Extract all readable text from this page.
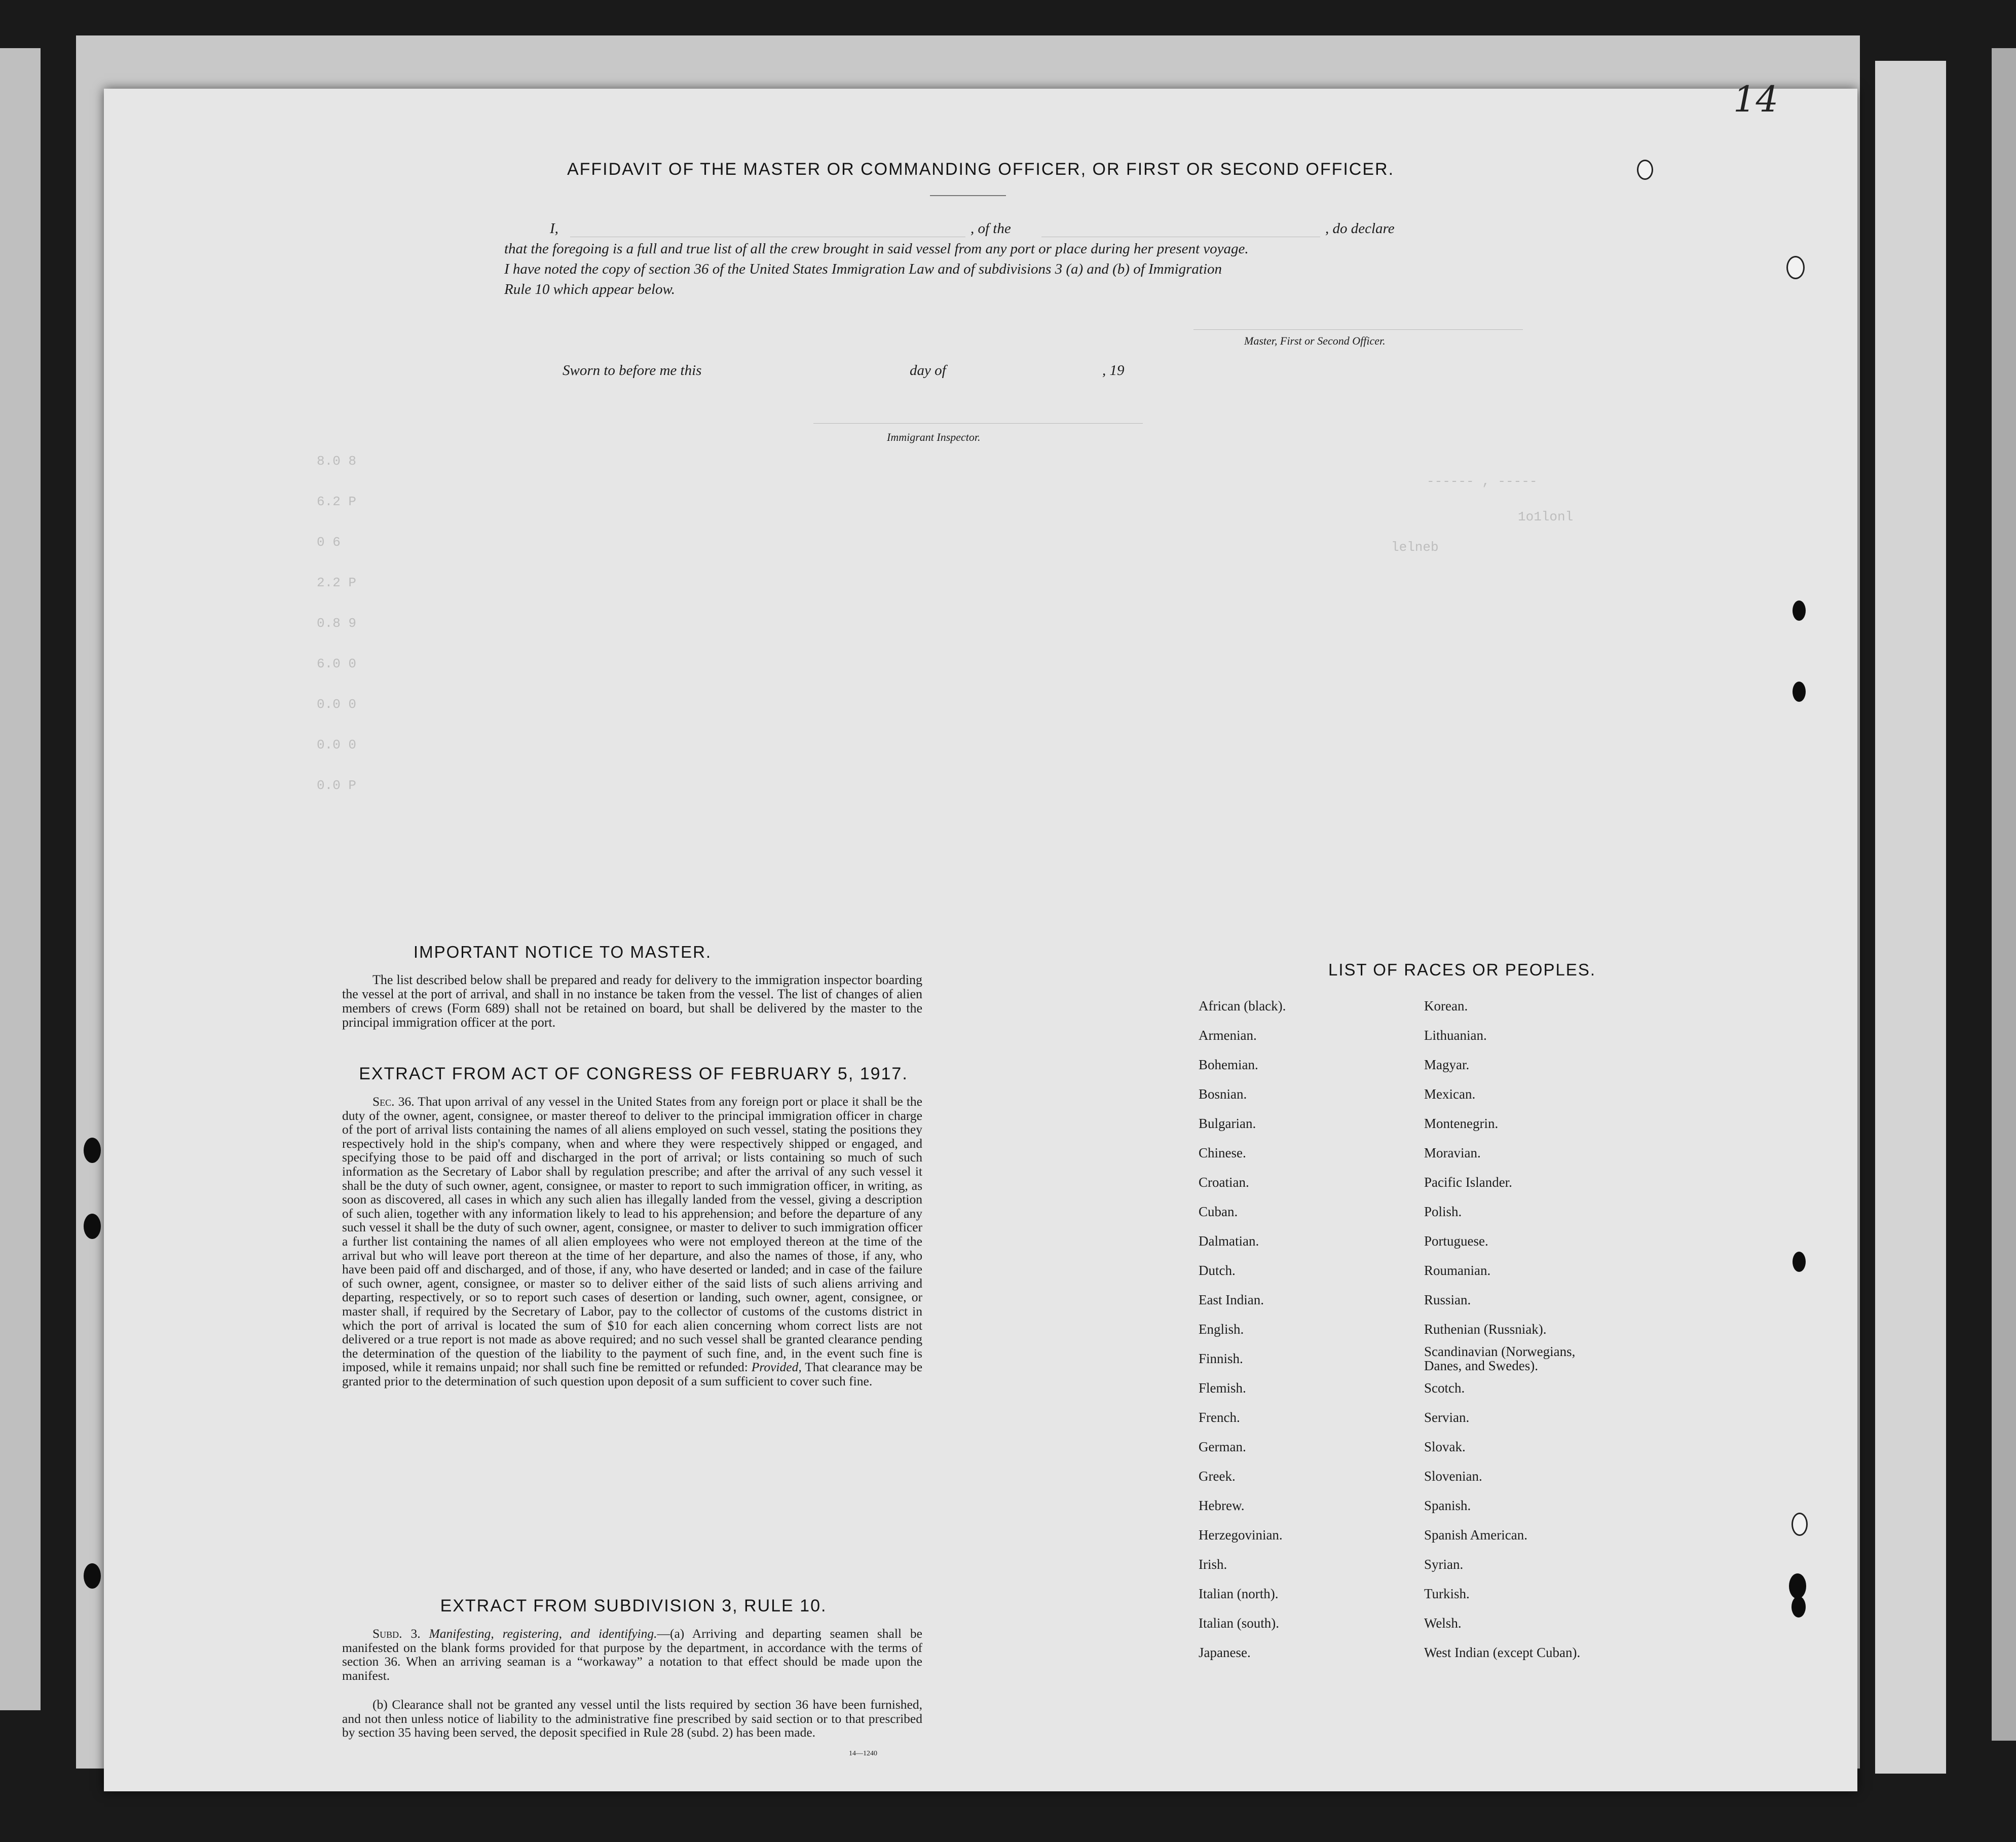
14
8.0 8
6.2 P
0 6
2.2 P
0.8 9
6.0 0
0.0 0
0.0 0
0.0 P
------ , -----
1o1lonl
lelneb
AFFIDAVIT OF THE MASTER OR COMMANDING OFFICER, OR FIRST OR SECOND OFFICER.
I,	, of the	, do declare
that the foregoing is a full and true list of all the crew brought in said vessel from any port or place during her present voyage.
I have noted the copy of section 36 of the United States Immigration Law and of subdivisions 3 (a) and (b) of Immigration
Rule 10 which appear below.
Master, First or Second Officer.
Sworn to before me this	day of	, 19
Immigrant Inspector.
IMPORTANT NOTICE TO MASTER.
The list described below shall be prepared and ready for delivery to the immigration inspector boarding the vessel at the port of arrival, and shall in no instance be taken from the vessel. The list of changes of alien members of crews (Form 689) shall not be retained on board, but shall be delivered by the master to the principal immigration officer at the port.
EXTRACT FROM ACT OF CONGRESS OF FEBRUARY 5, 1917.
Sec. 36. That upon arrival of any vessel in the United States from any foreign port or place it shall be the duty of the owner, agent, consignee, or master thereof to deliver to the principal immigration officer in charge of the port of arrival lists containing the names of all aliens employed on such vessel, stating the positions they respectively hold in the ship's company, when and where they were respectively shipped or engaged, and specifying those to be paid off and discharged in the port of arrival; or lists containing so much of such information as the Secretary of Labor shall by regulation prescribe; and after the arrival of any such vessel it shall be the duty of such owner, agent, consignee, or master to report to such immigration officer, in writing, as soon as discovered, all cases in which any such alien has illegally landed from the vessel, giving a description of such alien, together with any information likely to lead to his apprehension; and before the departure of any such vessel it shall be the duty of such owner, agent, consignee, or master to deliver to such immigration officer a further list containing the names of all alien employees who were not employed thereon at the time of the arrival but who will leave port thereon at the time of her departure, and also the names of those, if any, who have been paid off and discharged, and of those, if any, who have deserted or landed; and in case of the failure of such owner, agent, consignee, or master so to deliver either of the said lists of such aliens arriving and departing, respectively, or so to report such cases of desertion or landing, such owner, agent, consignee, or master shall, if required by the Secretary of Labor, pay to the collector of customs of the customs district in which the port of arrival is located the sum of $10 for each alien concerning whom correct lists are not delivered or a true report is not made as above required; and no such vessel shall be granted clearance pending the determination of the question of the liability to the payment of such fine, and, in the event such fine is imposed, while it remains unpaid; nor shall such fine be remitted or refunded: Provided, That clearance may be granted prior to the determination of such question upon deposit of a sum sufficient to cover such fine.
EXTRACT FROM SUBDIVISION 3, RULE 10.
Subd. 3. Manifesting, registering, and identifying.—(a) Arriving and departing seamen shall be manifested on the blank forms provided for that purpose by the department, in accordance with the terms of section 36. When an arriving seaman is a “workaway” a notation to that effect should be made upon the manifest.
(b) Clearance shall not be granted any vessel until the lists required by section 36 have been furnished, and not then unless notice of liability to the administrative fine prescribed by said section or to that prescribed by section 35 having been served, the deposit specified in Rule 28 (subd. 2) has been made.
14—1240
LIST OF RACES OR PEOPLES.
African (black).
Armenian.
Bohemian.
Bosnian.
Bulgarian.
Chinese.
Croatian.
Cuban.
Dalmatian.
Dutch.
East Indian.
English.
Finnish.
Flemish.
French.
German.
Greek.
Hebrew.
Herzegovinian.
Irish.
Italian (north).
Italian (south).
Japanese.
Korean.
Lithuanian.
Magyar.
Mexican.
Montenegrin.
Moravian.
Pacific Islander.
Polish.
Portuguese.
Roumanian.
Russian.
Ruthenian (Russniak).
Scandinavian (Norwegians, Danes, and Swedes).
Scotch.
Servian.
Slovak.
Slovenian.
Spanish.
Spanish American.
Syrian.
Turkish.
Welsh.
West Indian (except Cuban).
